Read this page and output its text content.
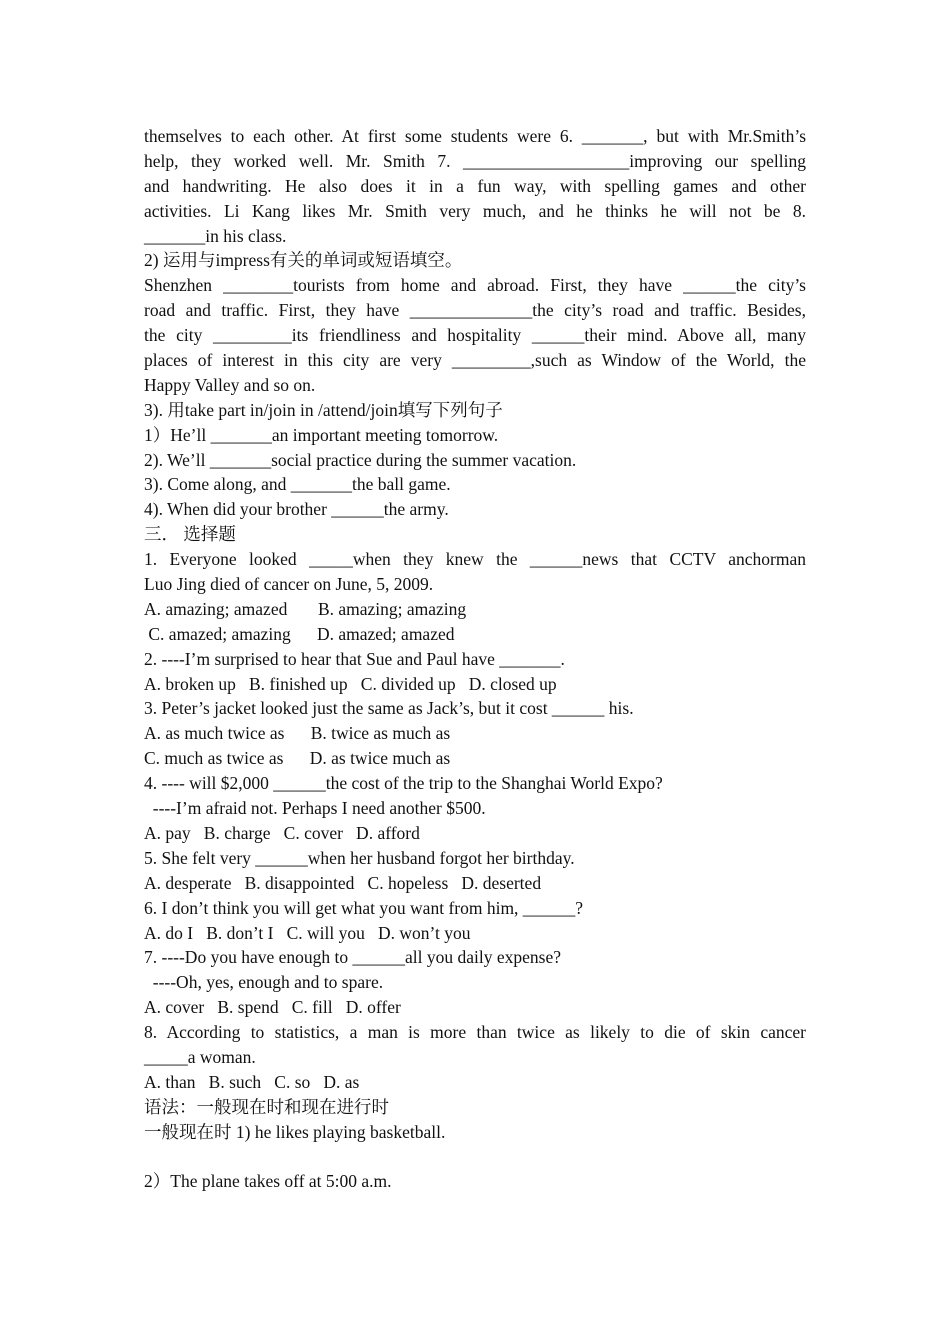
themselves to each other. At first some students were 6. _______, but with Mr.Smith’s
help, they worked well. Mr. Smith 7. ___________________improving our spelling
and handwriting. He also does it in a fun way, with spelling games and other
activities. Li Kang likes Mr. Smith very much, and he thinks he will not be 8.
_______in his class.
2) 运用与impress有关的单词或短语填空。
Shenzhen ________tourists from home and abroad. First, they have ______the city’s
road and traffic. First, they have ______________the city’s road and traffic. Besides,
the city _________its friendliness and hospitality ______their mind. Above all, many
places of interest in this city are very _________,such as Window of the World, the
Happy Valley and so on.
3). 用take part in/join in /attend/join填写下列句子
1）He’ll _______an important meeting tomorrow.
2). We’ll _______social practice during the summer vacation.
3). Come along, and _______the ball game.
4). When did your brother ______the army.
三． 选择题
1. Everyone looked _____when they knew the ______news that CCTV anchorman
Luo Jing died of cancer on June, 5, 2009.
A. amazing; amazed       B. amazing; amazing
C. amazed; amazing      D. amazed; amazed
2. ----I’m surprised to hear that Sue and Paul have _______.
A. broken up   B. finished up   C. divided up   D. closed up
3. Peter’s jacket looked just the same as Jack’s, but it cost ______ his.
A. as much twice as      B. twice as much as
C. much as twice as      D. as twice much as
4. ---- will $2,000 ______the cost of the trip to the Shanghai World Expo?
----I’m afraid not. Perhaps I need another $500.
A. pay   B. charge   C. cover   D. afford
5. She felt very ______when her husband forgot her birthday.
A. desperate   B. disappointed   C. hopeless   D. deserted
6. I don’t think you will get what you want from him, ______?
A. do I   B. don’t I   C. will you   D. won’t you
7. ----Do you have enough to ______all you daily expense?
----Oh, yes, enough and to spare.
A. cover   B. spend   C. fill   D. offer
8. According to statistics, a man is more than twice as likely to die of skin cancer
_____a woman.
A. than   B. such   C. so   D. as
语法：一般现在时和现在进行时
一般现在时 1) he likes playing basketball.
2）The plane takes off at 5:00 a.m.
